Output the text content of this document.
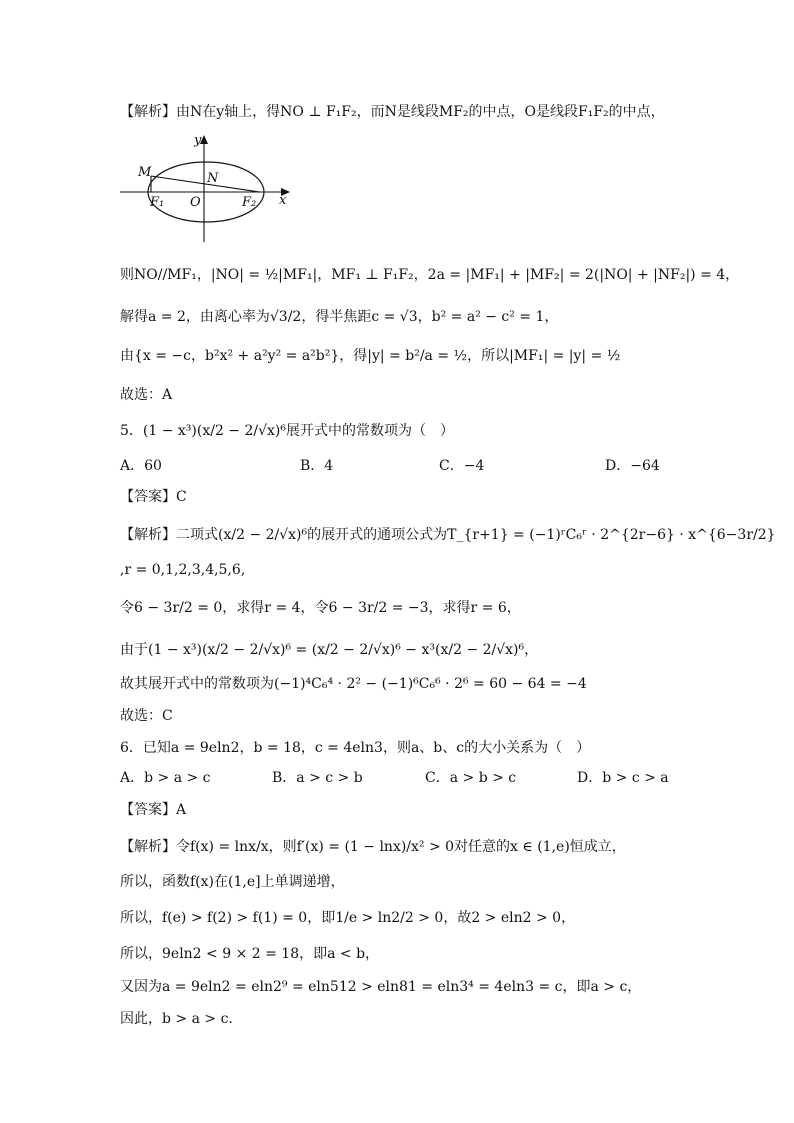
【解析】由N在y轴上，得NO ⊥ F₁F₂，而N是线段MF₂的中点，O是线段F₁F₂的中点，
y
M	N
F₁ O	F₂ x
则NO//MF₁，|NO| = ½|MF₁|，MF₁ ⊥ F₁F₂，2a = |MF₁| + |MF₂| = 2(|NO| + |NF₂|) = 4，
解得a = 2，由离心率为√3/2，得半焦距c = √3，b² = a² − c² = 1，
由{x = −c，b²x² + a²y² = a²b²}，得|y| = b²/a = ½，所以|MF₁| = |y| = ½
故选：A
5．(1 − x³)(x/2 − 2/√x)⁶展开式中的常数项为（　）
A．60	B．4	C．−4	D．−64
【答案】C
【解析】二项式(x/2 − 2/√x)⁶的展开式的通项公式为T_{r+1} = (−1)ʳC₆ʳ · 2^{2r−6} · x^{6−3r/2}
,r = 0,1,2,3,4,5,6,
令6 − 3r/2 = 0，求得r = 4，令6 − 3r/2 = −3，求得r = 6，
由于(1 − x³)(x/2 − 2/√x)⁶ = (x/2 − 2/√x)⁶ − x³(x/2 − 2/√x)⁶，
故其展开式中的常数项为(−1)⁴C₆⁴ · 2² − (−1)⁶C₆⁶ · 2⁶ = 60 − 64 = −4
故选：C
6．已知a = 9eln2，b = 18，c = 4eln3，则a、b、c的大小关系为（　）
A．b > a > c	B．a > c > b	C．a > b > c	D．b > c > a
【答案】A
【解析】令f(x) = lnx/x，则f′(x) = (1 − lnx)/x² > 0对任意的x ∈ (1,e)恒成立，
所以，函数f(x)在(1,e]上单调递增，
所以，f(e) > f(2) > f(1) = 0，即1/e > ln2/2 > 0，故2 > eln2 > 0，
所以，9eln2 < 9 × 2 = 18，即a < b，
又因为a = 9eln2 = eln2⁹ = eln512 > eln81 = eln3⁴ = 4eln3 = c，即a > c，
因此，b > a > c.
